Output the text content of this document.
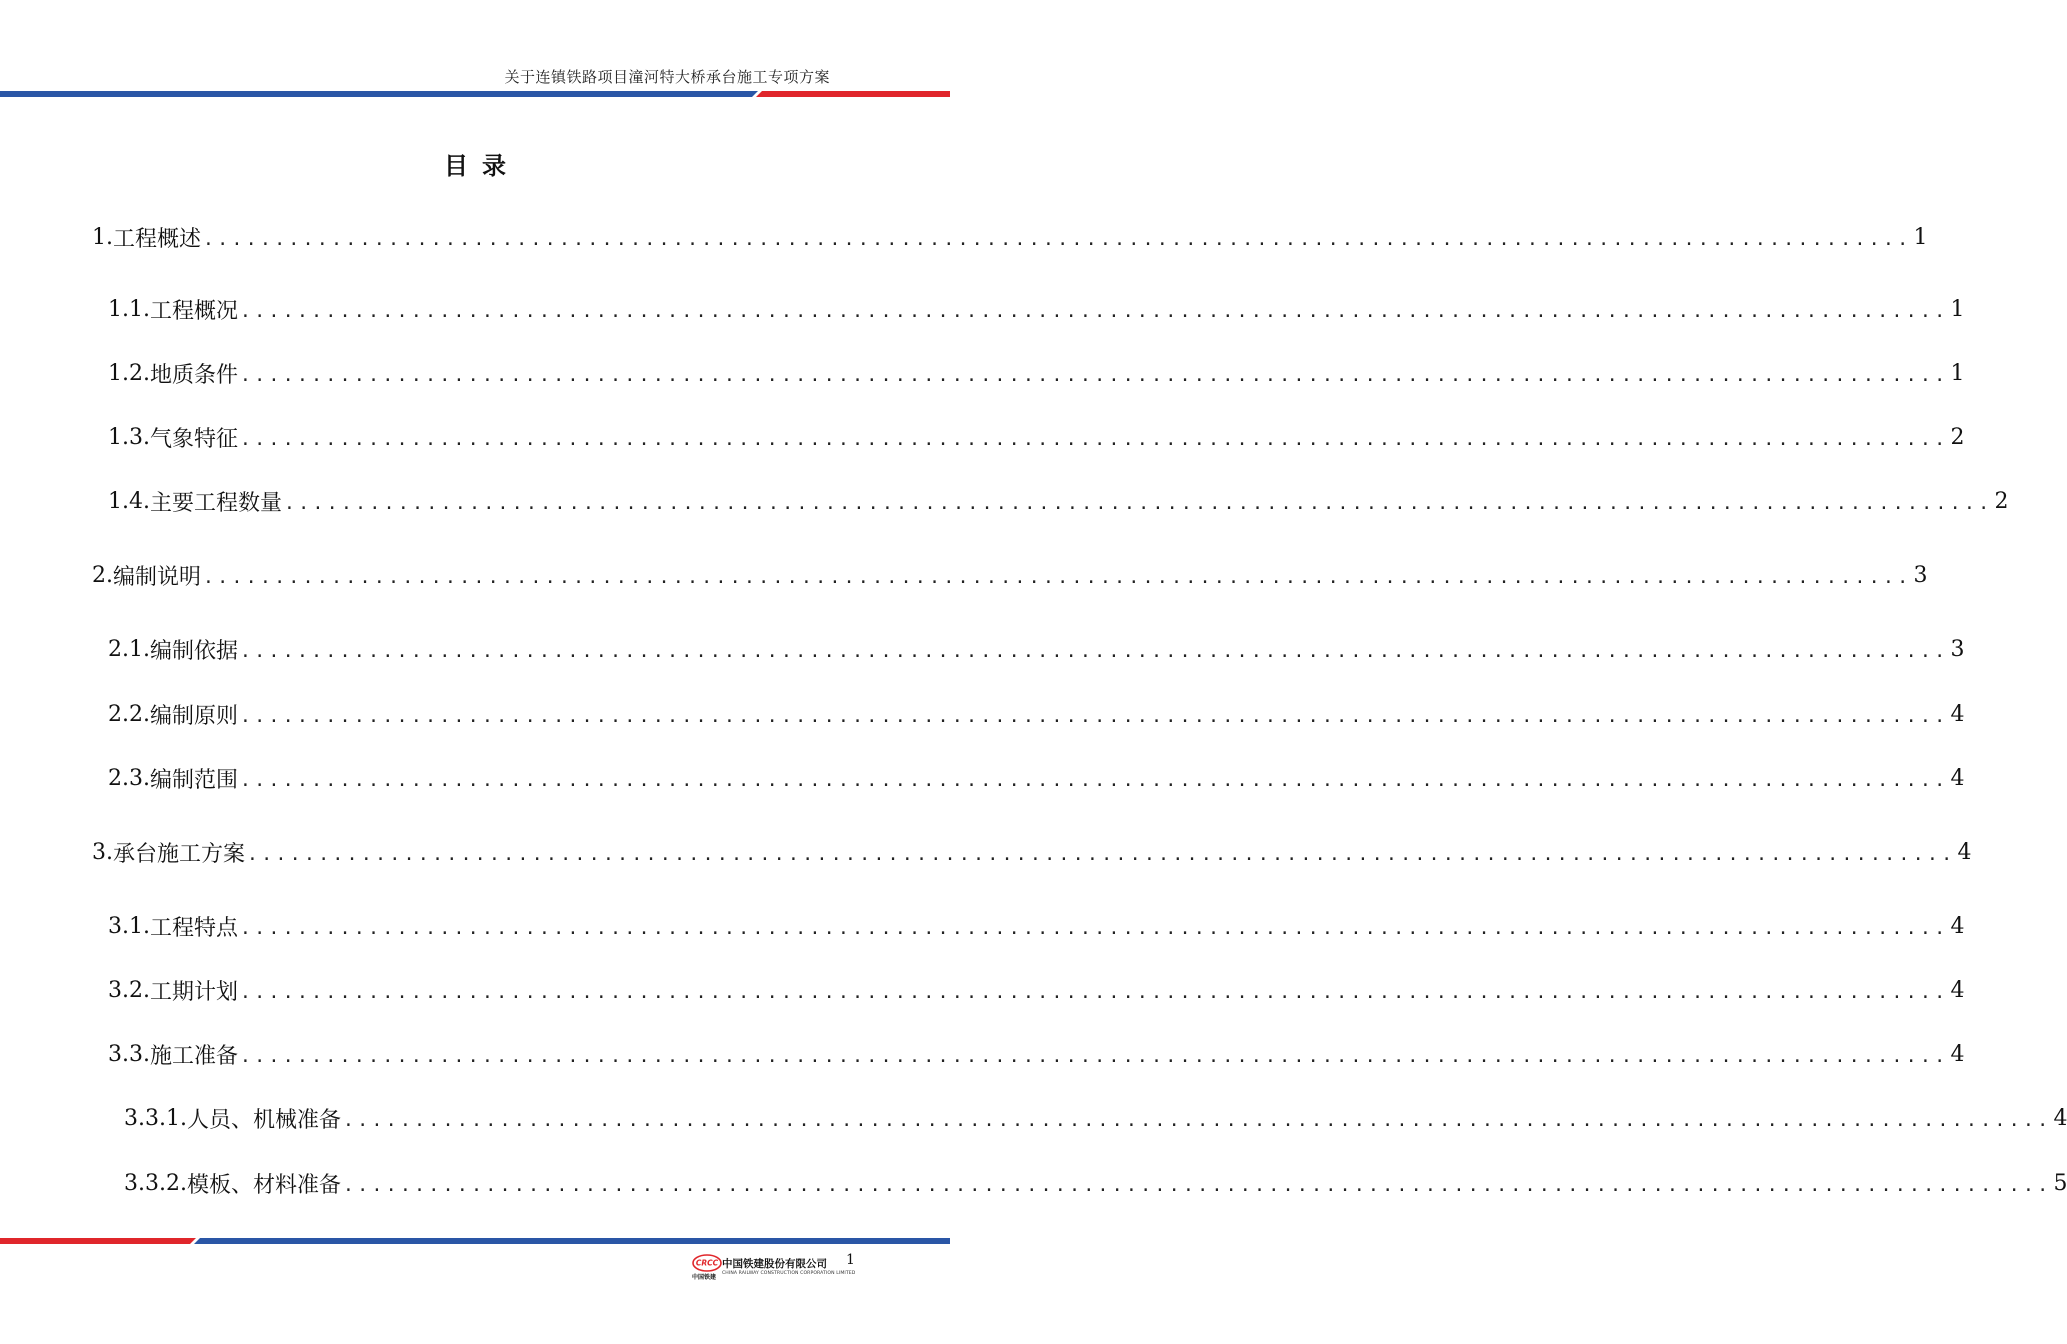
关于连镇铁路项目潼河特大桥承台施工专项方案
目录
1. 工程概述 ........................................................................................................................ 1
1.1. 工程概况 ........................................................................................................................ 1
1.2. 地质条件 ........................................................................................................................ 1
1.3. 气象特征 ........................................................................................................................ 2
1.4. 主要工程数量 ........................................................................................................................ 2
2. 编制说明 ........................................................................................................................ 3
2.1. 编制依据 ........................................................................................................................ 3
2.2. 编制原则 ........................................................................................................................ 4
2.3. 编制范围 ........................................................................................................................ 4
3. 承台施工方案 ........................................................................................................................ 4
3.1. 工程特点 ........................................................................................................................ 4
3.2. 工期计划 ........................................................................................................................ 4
3.3. 施工准备 ........................................................................................................................ 4
3.3.1. 人员、机械准备 ........................................................................................................................ 4
3.3.2. 模板、材料准备 ........................................................................................................................ 5
CRCC
中国铁建
中国铁建股份有限公司
CHINA RAILWAY CONSTRUCTION CORPORATION LIMITED
1
